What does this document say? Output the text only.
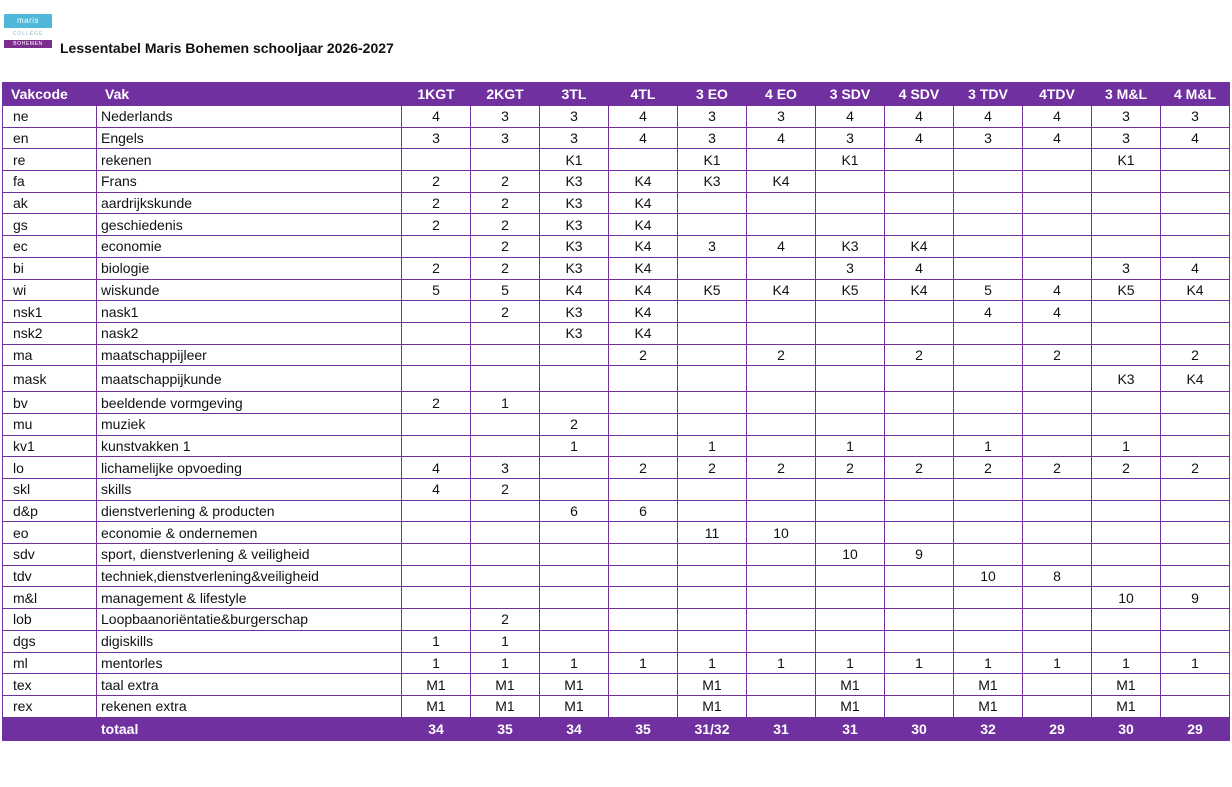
maris
COLLEGE
BOHEMEN	Lessentabel Maris Bohemen schooljaar 2026-2027
Vakcode	Vak	1KGT	2KGT	3TL	4TL	3 EO	4 EO	3 SDV	4 SDV	3 TDV	4TDV	3 M&L	4 M&L
ne	Nederlands	4	3	3	4	3	3	4	4	4	4	3	3
en	Engels	3	3	3	4	3	4	3	4	3	4	3	4
re	rekenen			K1		K1		K1				K1	
fa	Frans	2	2	K3	K4	K3	K4						
ak	aardrijkskunde	2	2	K3	K4								
gs	geschiedenis	2	2	K3	K4								
ec	economie		2	K3	K4	3	4	K3	K4				
bi	biologie	2	2	K3	K4			3	4			3	4
wi	wiskunde	5	5	K4	K4	K5	K4	K5	K4	5	4	K5	K4
nsk1	nask1		2	K3	K4					4	4		
nsk2	nask2			K3	K4								
ma	maatschappijleer				2		2		2		2		2
mask	maatschappijkunde											K3	K4
bv	beeldende vormgeving	2	1										
mu	muziek			2									
kv1	kunstvakken 1			1		1		1		1		1	
lo	lichamelijke opvoeding	4	3		2	2	2	2	2	2	2	2	2
skl	skills	4	2										
d&p	dienstverlening & producten			6	6								
eo	economie & ondernemen					11	10						
sdv	sport, dienstverlening & veiligheid							10	9				
tdv	techniek,dienstverlening&veiligheid									10	8		
m&l	management & lifestyle											10	9
lob	Loopbaanoriëntatie&burgerschap		2										
dgs	digiskills	1	1										
ml	mentorles	1	1	1	1	1	1	1	1	1	1	1	1
tex	taal extra	M1	M1	M1		M1		M1		M1		M1	
rex	rekenen extra	M1	M1	M1		M1		M1		M1		M1	
	totaal	34	35	34	35	31/32	31	31	30	32	29	30	29
